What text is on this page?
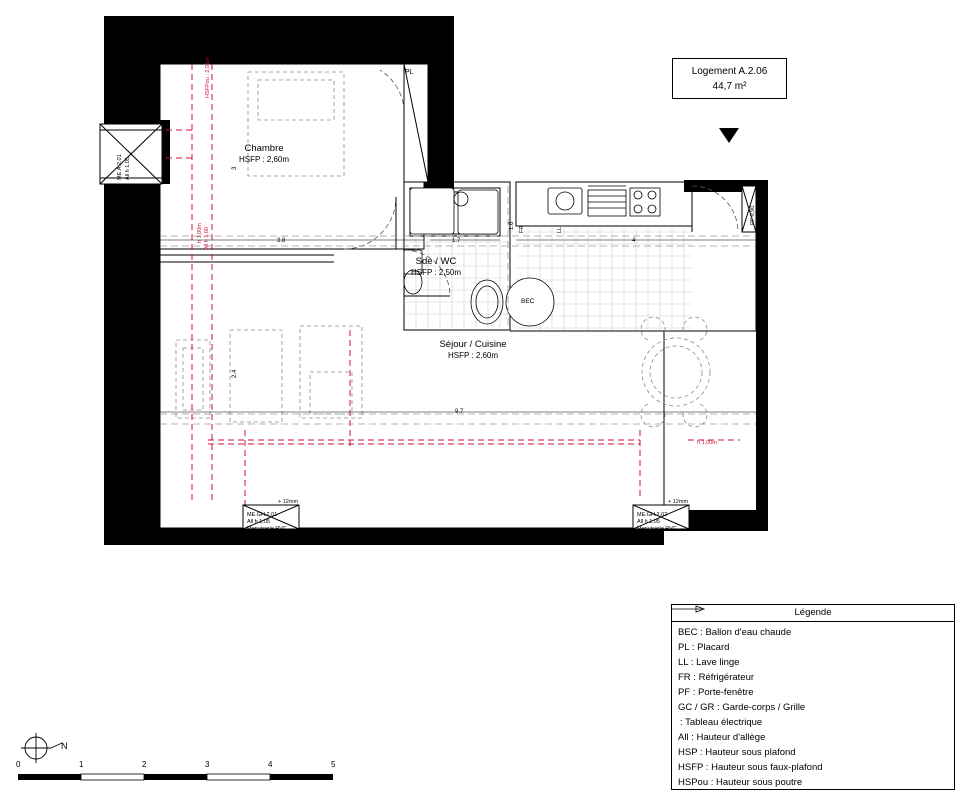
Chambre
HSFP : 2,60m
Sde / WC
HSFP : 2,50m
Séjour / Cuisine
HSFP : 2,60m
PL
BEC
3.8	1.7	4
9.7
3
2.4
1.6
3.6
2.0
HSFPou : 2,01m
h 1,00m All h 1,00
h 1,00m
ME.GH.2.01
All h 1,05
Menuiserie PVC
GH 2.01
ME.GH.2.02
All h 1,05
Menuiserie PVC
+ 12mm	+ 12mm
ME.A.2.01 All h 1,05
PF 0,90
FR	LL
Logement A.2.06
44,7 m²
Légende
BEC : Ballon d'eau chaude
PL : Placard
LL : Lave linge
FR : Réfrigérateur
PF : Porte-fenêtre
GC / GR : Garde-corps / Grille
: Tableau électrique
All : Hauteur d'allège
HSP : Hauteur sous plafond
HSFP : Hauteur sous faux-plafond
HSPou : Hauteur sous poutre
N
0	1	2	3	4	5
